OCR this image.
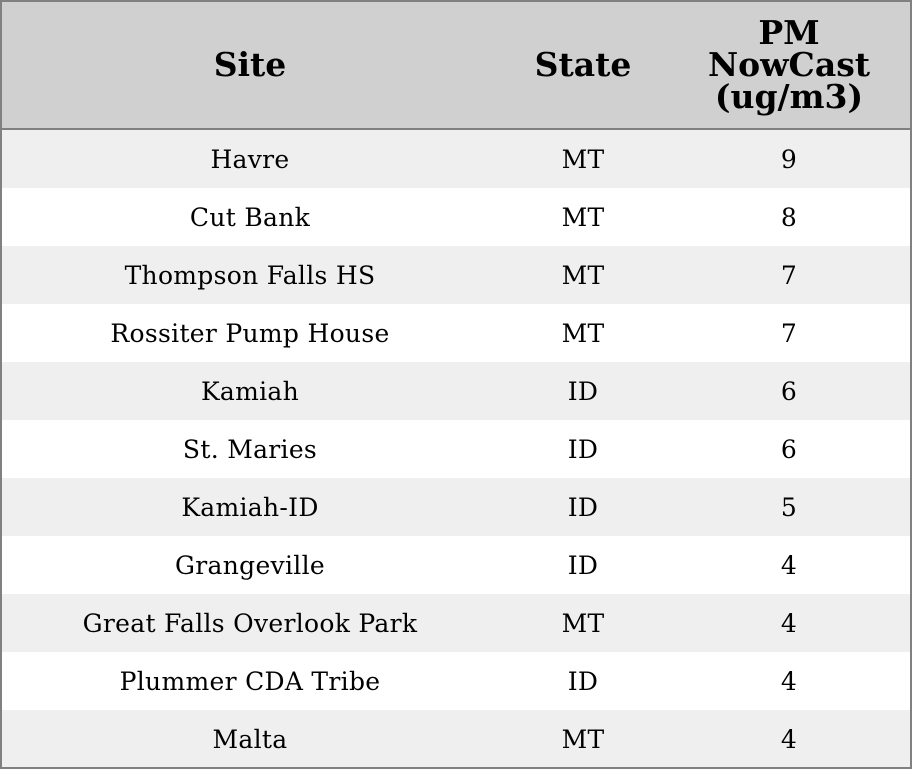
Site	State	PM NowCast (ug/m3)
Havre	MT	9
Cut Bank	MT	8
Thompson Falls HS	MT	7
Rossiter Pump House	MT	7
Kamiah	ID	6
St. Maries	ID	6
Kamiah-ID	ID	5
Grangeville	ID	4
Great Falls Overlook Park	MT	4
Plummer CDA Tribe	ID	4
Malta	MT	4
